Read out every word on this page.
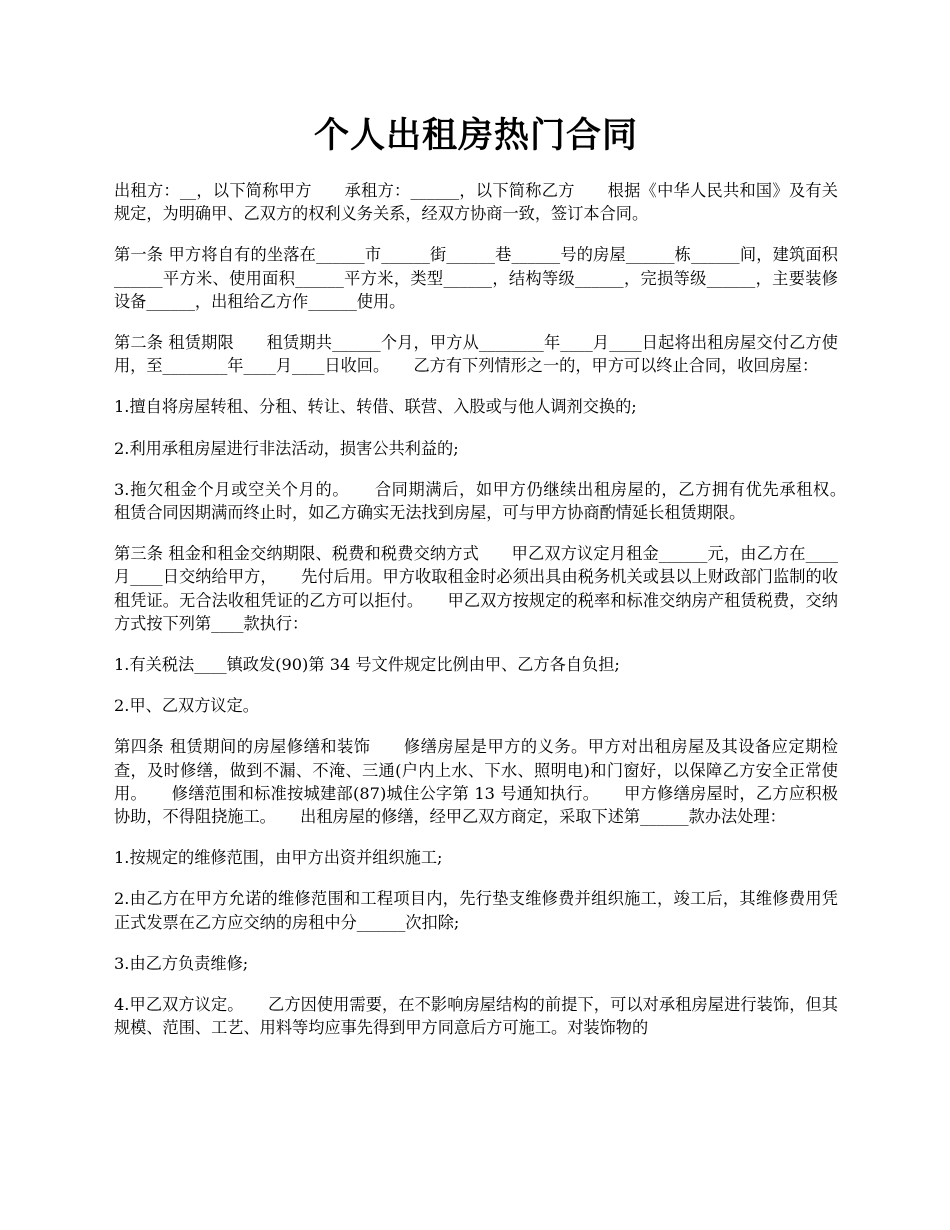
个人出租房热门合同

出租方：__，以下简称甲方　　承租方：______，以下简称乙方　　根据《中华人民共和国》及有关规定，为明确甲、乙双方的权利义务关系，经双方协商一致，签订本合同。

第一条 甲方将自有的坐落在______市______街______巷______号的房屋______栋______间，建筑面积______平方米、使用面积______平方米，类型______，结构等级______，完损等级______，主要装修设备______，出租给乙方作______使用。

第二条 租赁期限　　租赁期共______个月，甲方从________年____月____日起将出租房屋交付乙方使用，至________年____月____日收回。　　乙方有下列情形之一的，甲方可以终止合同，收回房屋：

1.擅自将房屋转租、分租、转让、转借、联营、入股或与他人调剂交换的;

2.利用承租房屋进行非法活动，损害公共利益的;

3.拖欠租金个月或空关个月的。　　合同期满后，如甲方仍继续出租房屋的，乙方拥有优先承租权。　　租赁合同因期满而终止时，如乙方确实无法找到房屋，可与甲方协商酌情延长租赁期限。

第三条 租金和租金交纳期限、税费和税费交纳方式　　甲乙双方议定月租金______元，由乙方在____月____日交纳给甲方，　　先付后用。甲方收取租金时必须出具由税务机关或县以上财政部门监制的收租凭证。无合法收租凭证的乙方可以拒付。　　甲乙双方按规定的税率和标准交纳房产租赁税费，交纳方式按下列第____款执行：

1.有关税法____镇政发(90)第 34 号文件规定比例由甲、乙方各自负担;

2.甲、乙双方议定。

第四条 租赁期间的房屋修缮和装饰　　修缮房屋是甲方的义务。甲方对出租房屋及其设备应定期检查，及时修缮，做到不漏、不淹、三通(户内上水、下水、照明电)和门窗好，以保障乙方安全正常使用。　　修缮范围和标准按城建部(87)城住公字第 13 号通知执行。　　甲方修缮房屋时，乙方应积极协助，不得阻挠施工。　　出租房屋的修缮，经甲乙双方商定，采取下述第______款办法处理：

1.按规定的维修范围，由甲方出资并组织施工;

2.由乙方在甲方允诺的维修范围和工程项目内，先行垫支维修费并组织施工，竣工后，其维修费用凭正式发票在乙方应交纳的房租中分______次扣除;

3.由乙方负责维修;

4.甲乙双方议定。　　乙方因使用需要，在不影响房屋结构的前提下，可以对承租房屋进行装饰，但其规模、范围、工艺、用料等均应事先得到甲方同意后方可施工。对装饰物的
